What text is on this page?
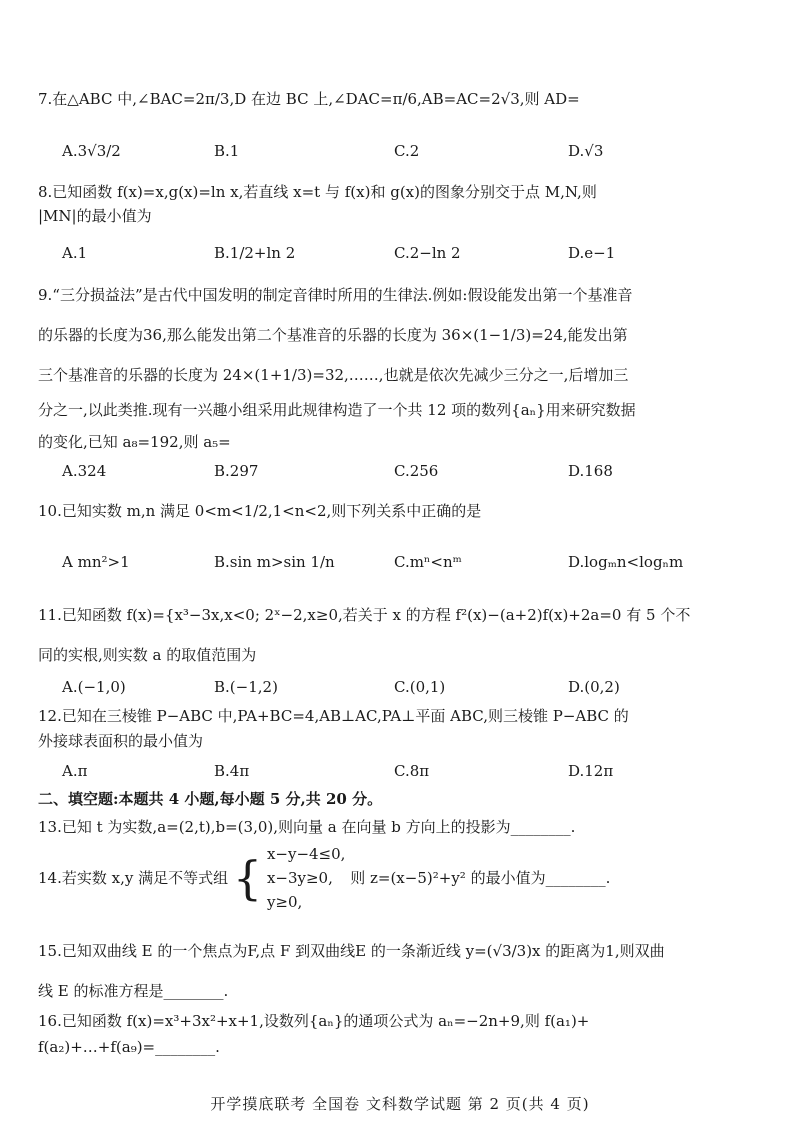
7.在△ABC 中,∠BAC=2π/3,D 在边 BC 上,∠DAC=π/6,AB=AC=2√3,则 AD=
A.3√3/2	B.1	C.2	D.√3
8.已知函数 f(x)=x,g(x)=ln x,若直线 x=t 与 f(x)和 g(x)的图象分别交于点 M,N,则
|MN|的最小值为
A.1	B.1/2+ln 2	C.2−ln 2	D.e−1
9.“三分损益法”是古代中国发明的制定音律时所用的生律法.例如:假设能发出第一个基准音
的乐器的长度为36,那么能发出第二个基准音的乐器的长度为 36×(1−1/3)=24,能发出第
三个基准音的乐器的长度为 24×(1+1/3)=32,……,也就是依次先减少三分之一,后增加三
分之一,以此类推.现有一兴趣小组采用此规律构造了一个共 12 项的数列{aₙ}用来研究数据
的变化,已知 a₈=192,则 a₅=
A.324	B.297	C.256	D.168
10.已知实数 m,n 满足 0<m<1/2,1<n<2,则下列关系中正确的是
A mn²>1	B.sin m>sin 1/n	C.mⁿ<nᵐ	D.logₘn<logₙm
11.已知函数 f(x)={x³−3x,x<0; 2ˣ−2,x≥0,若关于 x 的方程 f²(x)−(a+2)f(x)+2a=0 有 5 个不
同的实根,则实数 a 的取值范围为
A.(−1,0)	B.(−1,2)	C.(0,1)	D.(0,2)
12.已知在三棱锥 P−ABC 中,PA+BC=4,AB⊥AC,PA⊥平面 ABC,则三棱锥 P−ABC 的
外接球表面积的最小值为
A.π	B.4π	C.8π	D.12π
二、填空题:本题共 4 小题,每小题 5 分,共 20 分。
13.已知 t 为实数,a=(2,t),b=(3,0),则向量 a 在向量 b 方向上的投影为________.
14.若实数 x,y 满足不等式组 { x−y−4≤0,
x−3y≥0,
y≥0,
则 z=(x−5)²+y² 的最小值为________.
15.已知双曲线 E 的一个焦点为F,点 F 到双曲线E 的一条渐近线 y=(√3/3)x 的距离为1,则双曲
线 E 的标准方程是________.
16.已知函数 f(x)=x³+3x²+x+1,设数列{aₙ}的通项公式为 aₙ=−2n+9,则 f(a₁)+
f(a₂)+…+f(a₉)=________.
开学摸底联考 全国卷 文科数学试题 第 2 页(共 4 页)
